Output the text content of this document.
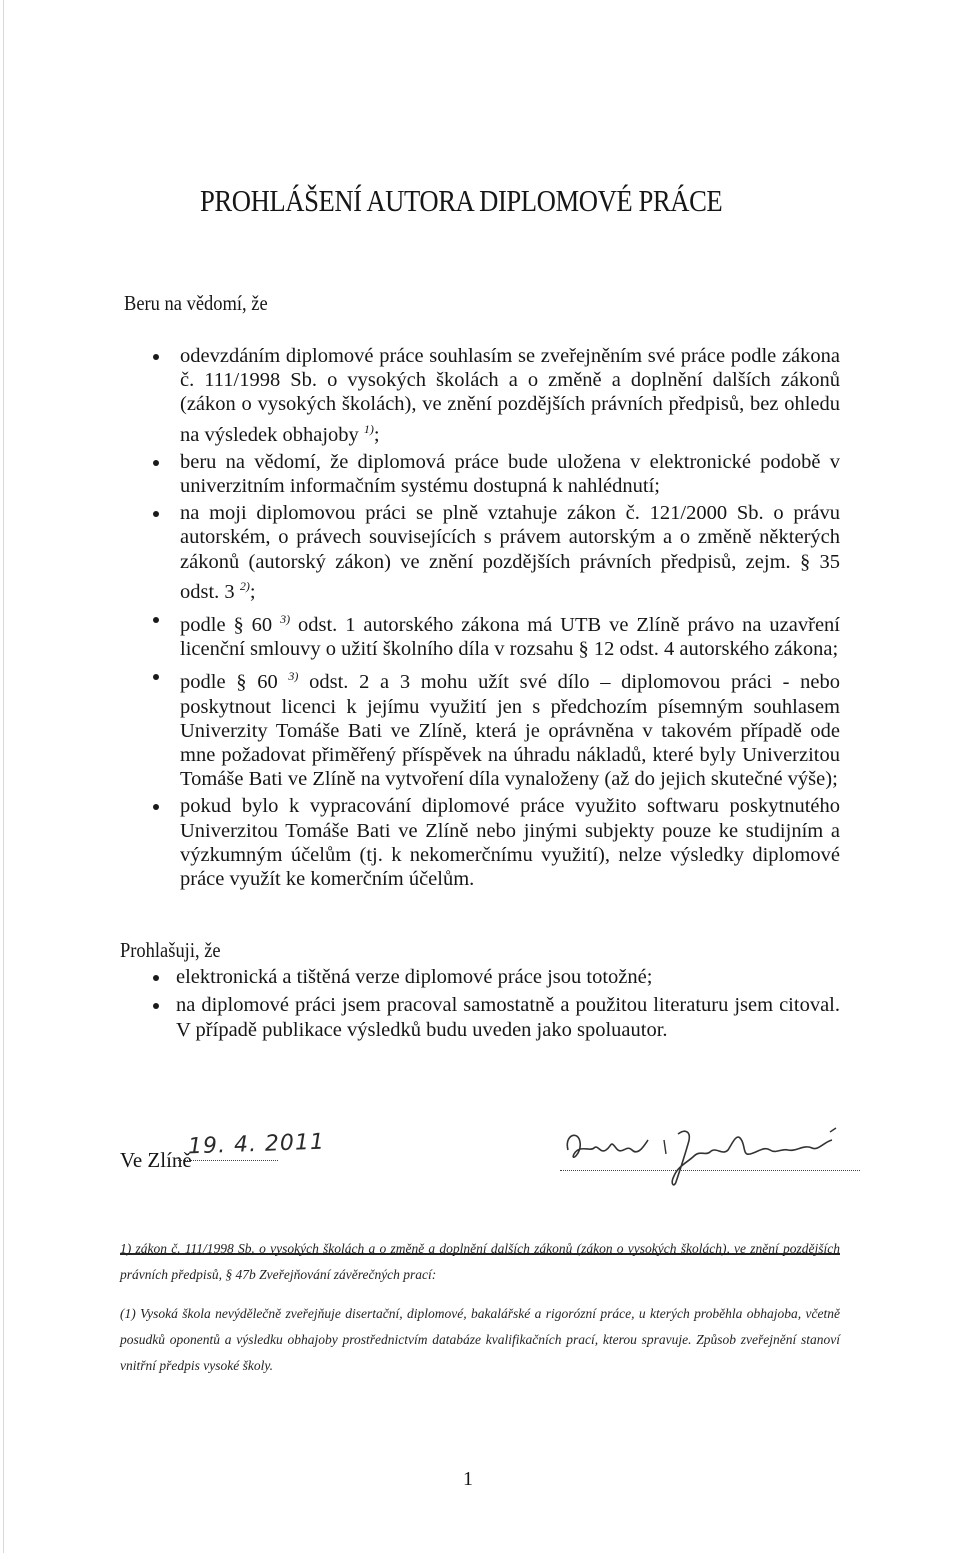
PROHLÁŠENÍ AUTORA DIPLOMOVÉ PRÁCE
Beru na vědomí, že
odevzdáním diplomové práce souhlasím se zveřejněním své práce podle zákona č. 111/1998 Sb. o vysokých školách a o změně a doplnění dalších zákonů (zákon o vysokých školách), ve znění pozdějších právních předpisů, bez ohledu na výsledek obhajoby $^{1)}$;
beru na vědomí, že diplomová práce bude uložena v elektronické podobě v univerzitním informačním systému dostupná k nahlédnutí;
na moji diplomovou práci se plně vztahuje zákon č. 121/2000 Sb. o právu autorském, o právech souvisejících s právem autorským a o změně některých zákonů (autorský zákon) ve znění pozdějších právních předpisů, zejm. § 35 odst. 3 $^{2)}$;
podle § 60 $^{3)}$ odst. 1 autorského zákona má UTB ve Zlíně právo na uzavření licenční smlouvy o užití školního díla v rozsahu § 12 odst. 4 autorského zákona;
podle § 60 $^{3)}$ odst. 2 a 3 mohu užít své dílo – diplomovou práci - nebo poskytnout licenci k jejímu využití jen s předchozím písemným souhlasem Univerzity Tomáše Bati ve Zlíně, která je oprávněna v takovém případě ode mne požadovat přiměřený příspěvek na úhradu nákladů, které byly Univerzitou Tomáše Bati ve Zlíně na vytvoření díla vynaloženy (až do jejich skutečné výše);
pokud bylo k vypracování diplomové práce využito softwaru poskytnutého Univerzitou Tomáše Bati ve Zlíně nebo jinými subjekty pouze ke studijním a výzkumným účelům (tj. k nekomerčnímu využití), nelze výsledky diplomové práce využít ke komerčním účelům.
Prohlašuji, že
elektronická a tištěná verze diplomové práce jsou totožné;
na diplomové práci jsem pracoval samostatně a použitou literaturu jsem citoval. V případě publikace výsledků budu uveden jako spoluautor.
Ve Zlíně
19. 4. 2011
1) zákon č. 111/1998 Sb. o vysokých školách a o změně a doplnění dalších zákonů (zákon o vysokých školách), ve znění pozdějších právních předpisů, § 47b Zveřejňování závěrečných prací:
(1) Vysoká škola nevýdělečně zveřejňuje disertační, diplomové, bakalářské a rigorózní práce, u kterých proběhla obhajoba, včetně posudků oponentů a výsledku obhajoby prostřednictvím databáze kvalifikačních prací, kterou spravuje. Způsob zveřejnění stanoví vnitřní předpis vysoké školy.
1
